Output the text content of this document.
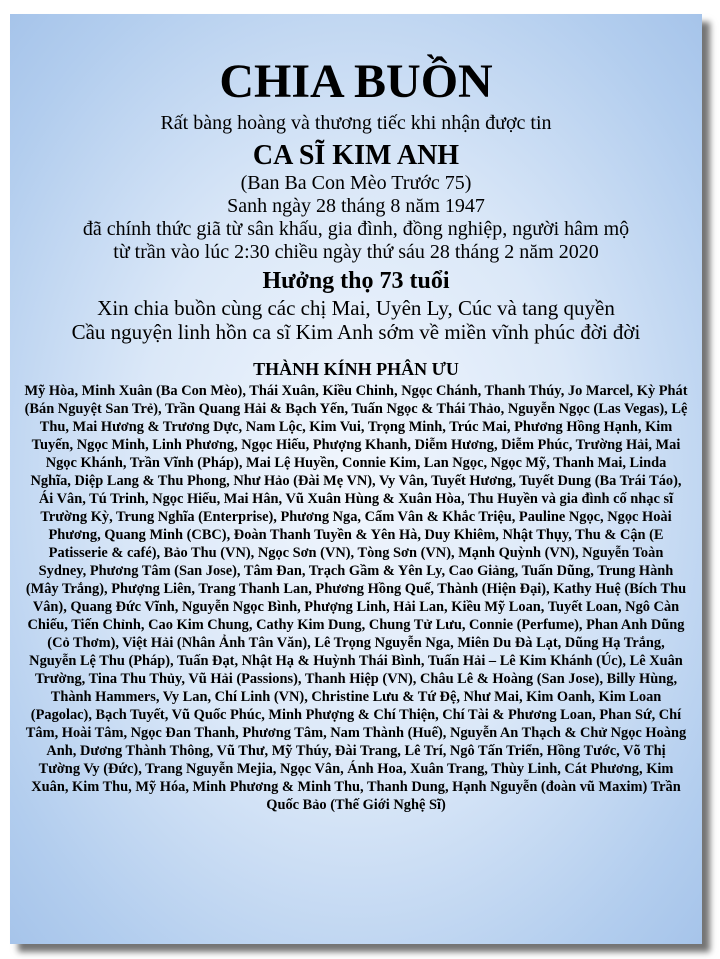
CHIA BUỒN
Rất bàng hoàng và thương tiếc khi nhận được tin
CA SĨ KIM ANH
(Ban Ba Con Mèo Trước 75)
Sanh ngày 28 tháng 8 năm 1947
đã chính thức giã từ sân khấu, gia đình, đồng nghiệp, người hâm mộ
từ trần vào lúc 2:30 chiều ngày thứ sáu 28 tháng 2 năm 2020
Hưởng thọ 73 tuổi
Xin chia buồn cùng các chị Mai, Uyên Ly, Cúc và tang quyền
Cầu nguyện linh hồn ca sĩ Kim Anh sớm về miền vĩnh phúc đời đời
THÀNH KÍNH PHÂN ƯU
Mỹ Hòa, Minh Xuân (Ba Con Mèo), Thái Xuân, Kiều Chinh, Ngọc Chánh, Thanh Thúy, Jo Marcel, Kỳ Phát (Bán Nguyệt San Trẻ), Trần Quang Hải & Bạch Yến, Tuấn Ngọc & Thái Thảo, Nguyễn Ngọc (Las Vegas), Lệ Thu, Mai Hương & Trương Dực, Nam Lộc, Kim Vui, Trọng Minh, Trúc Mai, Phương Hồng Hạnh, Kim Tuyến, Ngọc Minh, Linh Phương, Ngọc Hiếu, Phượng Khanh, Diễm Hương, Diễm Phúc, Trường Hải, Mai Ngọc Khánh, Trần Vĩnh (Pháp), Mai Lệ Huyền, Connie Kim, Lan Ngọc, Ngọc Mỹ, Thanh Mai, Linda Nghĩa, Diệp Lang & Thu Phong, Như Hảo (Đài Mẹ VN), Vy Vân, Tuyết Hương, Tuyết Dung (Ba Trái Táo), Ái Vân, Tú Trinh, Ngọc Hiếu, Mai Hân, Vũ Xuân Hùng & Xuân Hòa, Thu Huyền và gia đình cố nhạc sĩ Trường Kỳ, Trung Nghĩa (Enterprise), Phương Nga, Cẩm Vân & Khắc Triệu, Pauline Ngọc, Ngọc Hoài Phương, Quang Minh (CBC), Đoàn Thanh Tuyền & Yên Hà, Duy Khiêm, Nhật Thụy, Thu & Cận (E Patisserie & café), Bảo Thu (VN), Ngọc Sơn (VN), Tòng Sơn (VN), Mạnh Quỳnh (VN), Nguyễn Toàn Sydney, Phương Tâm (San Jose), Tâm Đan, Trạch Gầm & Yên Ly, Cao Giảng, Tuấn Dũng, Trung Hành (Mây Trắng), Phượng Liên, Trang Thanh Lan, Phương Hồng Quế, Thành (Hiện Đại), Kathy Huệ (Bích Thu Vân), Quang Đức Vĩnh, Nguyễn Ngọc Bình, Phượng Linh, Hải Lan, Kiều Mỹ Loan, Tuyết Loan, Ngô Càn Chiếu, Tiến Chỉnh, Cao Kim Chung, Cathy Kim Dung, Chung Tử Lưu, Connie (Perfume), Phan Anh Dũng (Cỏ Thơm), Việt Hải (Nhân Ảnh Tân Văn), Lê Trọng Nguyễn Nga, Miên Du Đà Lạt, Dũng Hạ Trắng, Nguyễn Lệ Thu (Pháp), Tuấn Đạt, Nhật Hạ & Huỳnh Thái Bình, Tuấn Hải – Lê Kim Khánh (Úc), Lê Xuân Trường, Tina Thu Thủy, Vũ Hải (Passions), Thanh Hiệp (VN), Châu Lê & Hoàng (San Jose), Billy Hùng, Thành Hammers, Vy Lan, Chí Linh (VN), Christine Lưu & Tứ Đệ, Như Mai, Kim Oanh, Kim Loan (Pagolac), Bạch Tuyết, Vũ Quốc Phúc, Minh Phượng & Chí Thiện, Chí Tài & Phương Loan, Phan Sứ, Chí Tâm, Hoài Tâm, Ngọc Đan Thanh, Phương Tâm, Nam Thành (Huế), Nguyễn An Thạch & Chử Ngọc Hoàng Anh, Dương Thành Thông, Vũ Thư, Mỹ Thúy, Đài Trang, Lê Trí, Ngô Tấn Triển, Hồng Tước, Võ Thị Tường Vy (Đức), Trang Nguyễn Mejia, Ngọc Vân, Ánh Hoa, Xuân Trang, Thùy Linh, Cát Phương, Kim Xuân, Kim Thu, Mỹ Hóa, Minh Phương & Minh Thu, Thanh Dung, Hạnh Nguyễn (đoàn vũ Maxim) Trần Quốc Bảo (Thế Giới Nghệ Sĩ)
